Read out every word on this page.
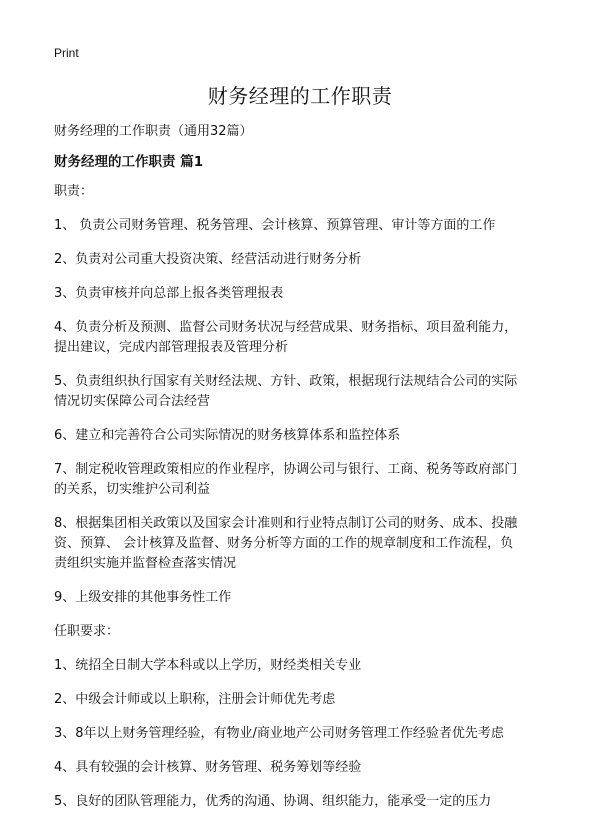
Print
财务经理的工作职责
财务经理的工作职责（通用32篇）
财务经理的工作职责 篇1

职责：

1、 负责公司财务管理、税务管理、会计核算、预算管理、审计等方面的工作

2、负责对公司重大投资决策、经营活动进行财务分析

3、负责审核并向总部上报各类管理报表

4、负责分析及预测、监督公司财务状况与经营成果、财务指标、项目盈利能力，
提出建议，完成内部管理报表及管理分析

5、负责组织执行国家有关财经法规、方针、政策，根据现行法规结合公司的实际
情况切实保障公司合法经营

6、建立和完善符合公司实际情况的财务核算体系和监控体系

7、制定税收管理政策相应的作业程序，协调公司与银行、工商、税务等政府部门
的关系，切实维护公司利益

8、根据集团相关政策以及国家会计准则和行业特点制订公司的财务、成本、投融
资、预算、 会计核算及监督、财务分析等方面的工作的规章制度和工作流程，负
责组织实施并监督检查落实情况

9、上级安排的其他事务性工作

任职要求：

1、统招全日制大学本科或以上学历，财经类相关专业

2、中级会计师或以上职称，注册会计师优先考虑

3、8年以上财务管理经验，有物业/商业地产公司财务管理工作经验者优先考虑

4、具有较强的会计核算、财务管理、税务筹划等经验

5、良好的团队管理能力，优秀的沟通、协调、组织能力，能承受一定的压力
